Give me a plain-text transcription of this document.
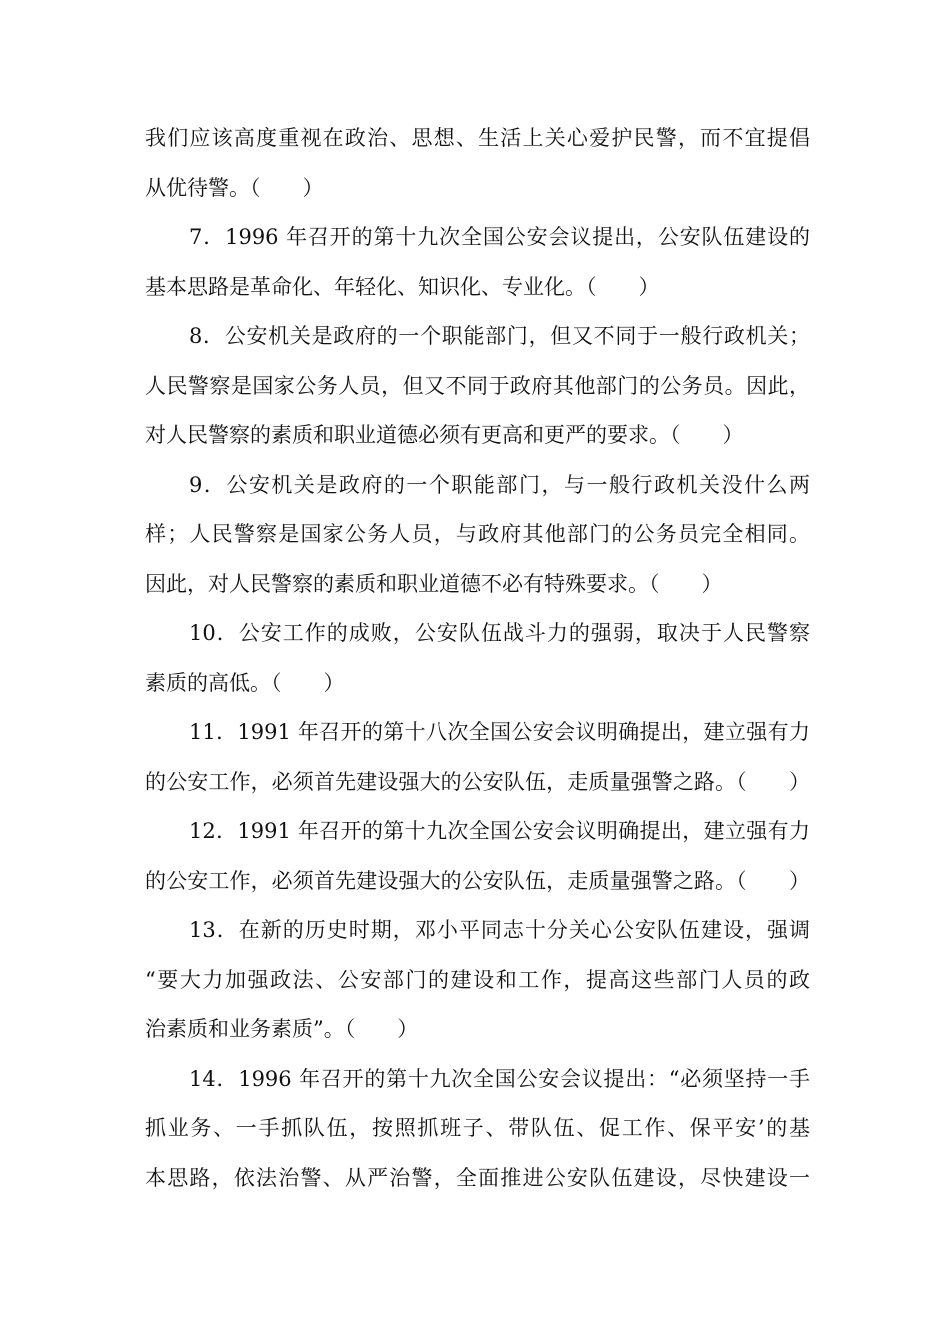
我们应该高度重视在政治、思想、生活上关心爱护民警，而不宜提倡
从优待警。（　　）
7．1996 年召开的第十九次全国公安会议提出，公安队伍建设的
基本思路是革命化、年轻化、知识化、专业化。（　　）
8．公安机关是政府的一个职能部门，但又不同于一般行政机关；
人民警察是国家公务人员，但又不同于政府其他部门的公务员。因此，
对人民警察的素质和职业道德必须有更高和更严的要求。（　　）
9．公安机关是政府的一个职能部门，与一般行政机关没什么两
样；人民警察是国家公务人员，与政府其他部门的公务员完全相同。
因此，对人民警察的素质和职业道德不必有特殊要求。（　　）
10．公安工作的成败，公安队伍战斗力的强弱，取决于人民警察
素质的高低。（　　）
11．1991 年召开的第十八次全国公安会议明确提出，建立强有力
的公安工作，必须首先建设强大的公安队伍，走质量强警之路。（　　）
12．1991 年召开的第十九次全国公安会议明确提出，建立强有力
的公安工作，必须首先建设强大的公安队伍，走质量强警之路。（　　）
13．在新的历史时期，邓小平同志十分关心公安队伍建设，强调
“要大力加强政法、公安部门的建设和工作，提高这些部门人员的政
治素质和业务素质”。（　　）
14．1996 年召开的第十九次全国公安会议提出：“必须坚持一手
抓业务、一手抓队伍，按照抓班子、带队伍、促工作、保平安’的基
本思路，依法治警、从严治警，全面推进公安队伍建设，尽快建设一
